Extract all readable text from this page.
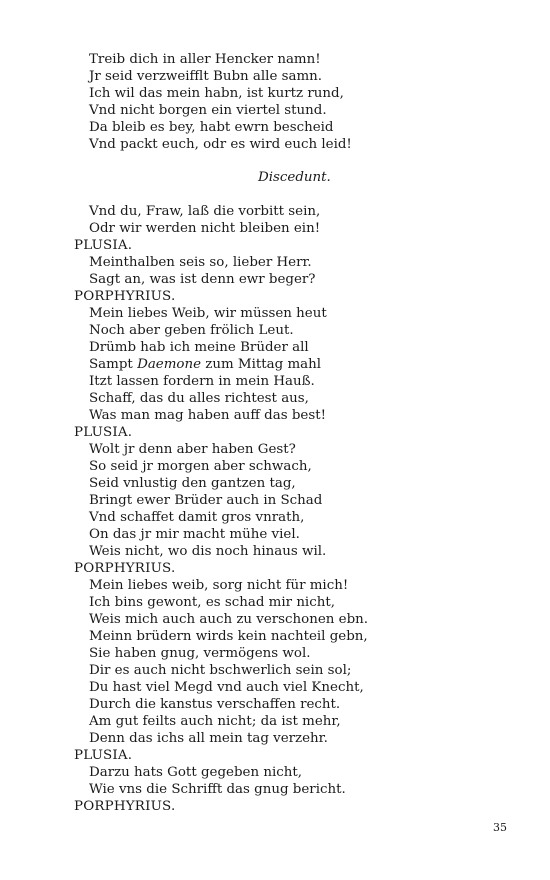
Treib dich in aller Hencker namn!
Jr seid verzweifflt Bubn alle samn.
Ich wil das mein habn, ist kurtz rund,
Vnd nicht borgen ein viertel stund.
Da bleib es bey, habt ewrn bescheid
Vnd packt euch, odr es wird euch leid!
Discedunt.
Vnd du, Fraw, laß die vorbitt sein,
Odr wir werden nicht bleiben ein!
PLUSIA.
Meinthalben seis so, lieber Herr.
Sagt an, was ist denn ewr beger?
PORPHYRIUS.
Mein liebes Weib, wir müssen heut
Noch aber geben frölich Leut.
Drümb hab ich meine Brüder all
Sampt Daemone zum Mittag mahl
Itzt lassen fordern in mein Hauß.
Schaff, das du alles richtest aus,
Was man mag haben auff das best!
PLUSIA.
Wolt jr denn aber haben Gest?
So seid jr morgen aber schwach,
Seid vnlustig den gantzen tag,
Bringt ewer Brüder auch in Schad
Vnd schaffet damit gros vnrath,
On das jr mir macht mühe viel.
Weis nicht, wo dis noch hinaus wil.
PORPHYRIUS.
Mein liebes weib, sorg nicht für mich!
Ich bins gewont, es schad mir nicht,
Weis mich auch auch zu verschonen ebn.
Meinn brüdern wirds kein nachteil gebn,
Sie haben gnug, vermögens wol.
Dir es auch nicht bschwerlich sein sol;
Du hast viel Megd vnd auch viel Knecht,
Durch die kanstus verschaffen recht.
Am gut feilts auch nicht; da ist mehr,
Denn das ichs all mein tag verzehr.
PLUSIA.
Darzu hats Gott gegeben nicht,
Wie vns die Schrifft das gnug bericht.
PORPHYRIUS.
35
